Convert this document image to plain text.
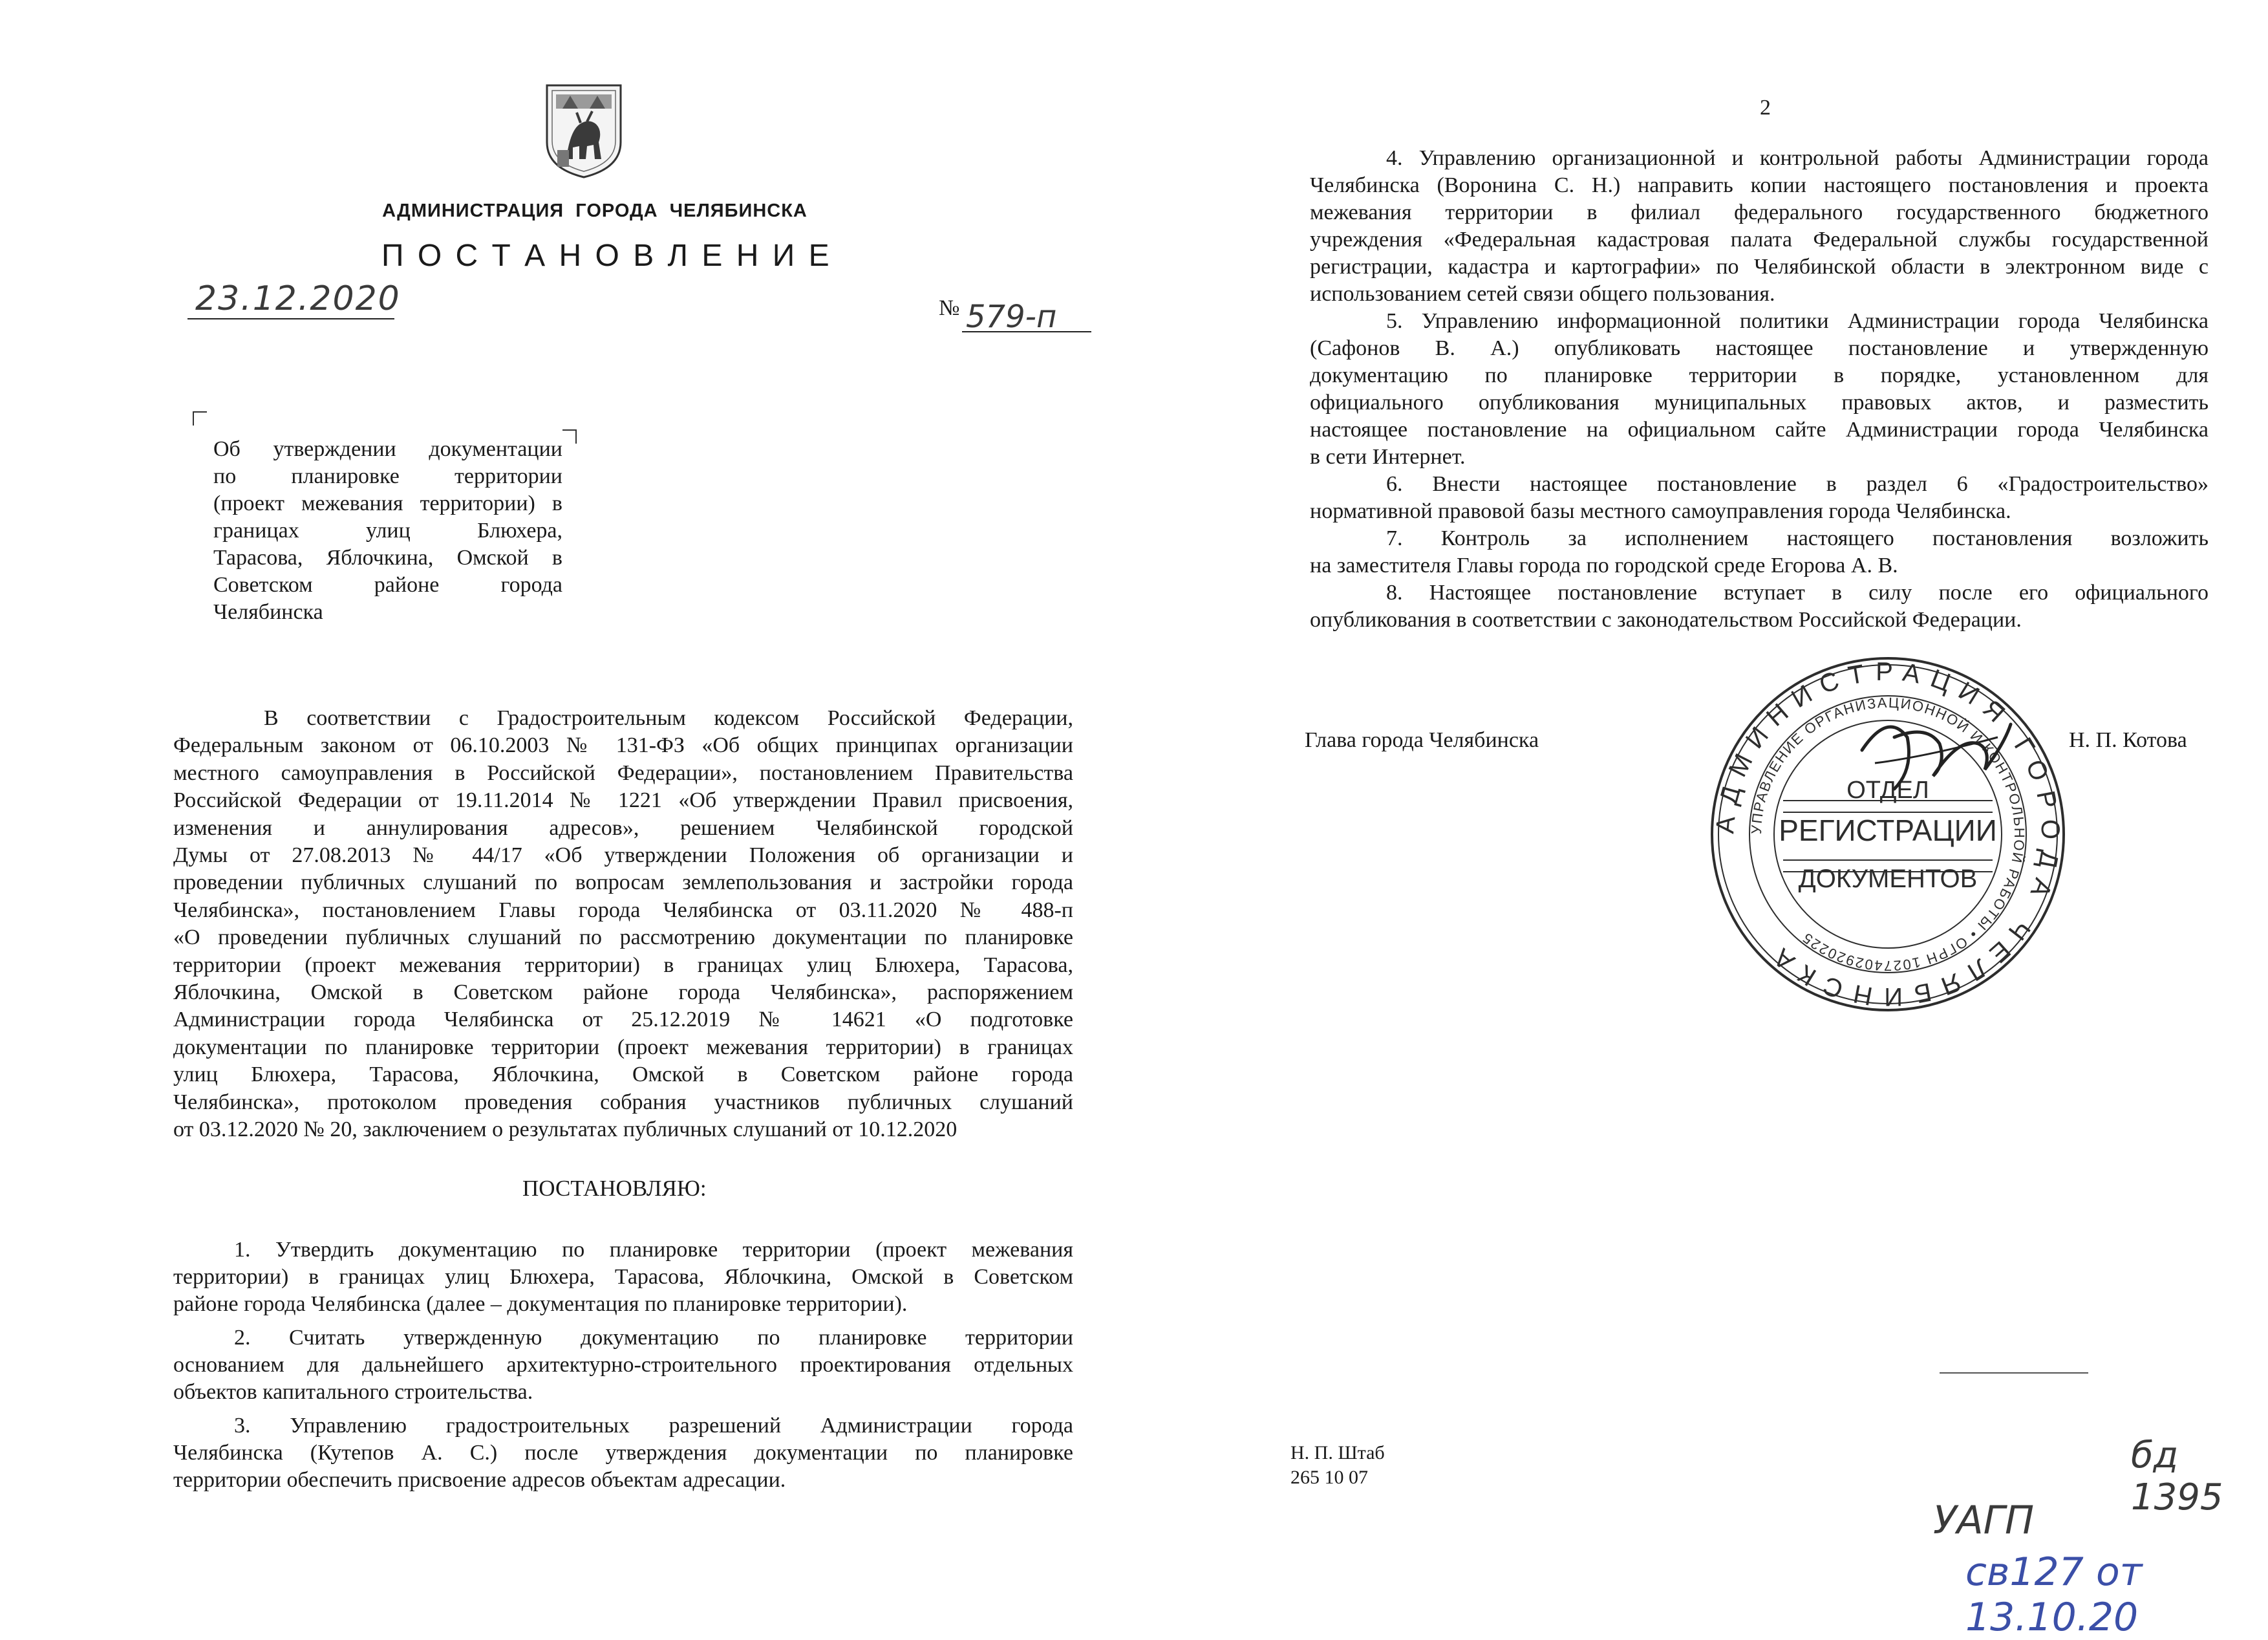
АДМИНИСТРАЦИЯ  ГОРОДА  ЧЕЛЯБИНСКА
П О С Т А Н О В Л Е Н И Е
23.12.2020	№ 579-п
Об утверждении документации
по планировке территории
(проект межевания территории) в
границах улиц Блюхера,
Тарасова, Яблочкина, Омской в
Советском районе города
Челябинска
В соответствии с Градостроительным кодексом Российской Федерации,
Федеральным законом от 06.10.2003 № 131-ФЗ «Об общих принципах организации
местного самоуправления в Российской Федерации», постановлением Правительства
Российской Федерации от 19.11.2014 № 1221 «Об утверждении Правил присвоения,
изменения и аннулирования адресов», решением Челябинской городской
Думы от 27.08.2013 № 44/17 «Об утверждении Положения об организации и
проведении публичных слушаний по вопросам землепользования и застройки города
Челябинска», постановлением Главы города Челябинска от 03.11.2020 № 488-п
«О проведении публичных слушаний по рассмотрению документации по планировке
территории (проект межевания территории) в границах улиц Блюхера, Тарасова,
Яблочкина, Омской в Советском районе города Челябинска», распоряжением
Администрации города Челябинска от 25.12.2019 № 14621 «О подготовке
документации по планировке территории (проект межевания территории) в границах
улиц Блюхера, Тарасова, Яблочкина, Омской в Советском районе города
Челябинска», протоколом проведения собрания участников публичных слушаний
от 03.12.2020 № 20, заключением о результатах публичных слушаний от 10.12.2020
ПОСТАНОВЛЯЮ:
1. Утвердить документацию по планировке территории (проект межевания
территории) в границах улиц Блюхера, Тарасова, Яблочкина, Омской в Советском
районе города Челябинска (далее – документация по планировке территории).
2. Считать утвержденную документацию по планировке территории
основанием для дальнейшего архитектурно-строительного проектирования отдельных
объектов капитального строительства.
3. Управлению градостроительных разрешений Администрации города
Челябинска (Кутепов А. С.) после утверждения документации по планировке
территории обеспечить присвоение адресов объектам адресации.
2
4. Управлению организационной и контрольной работы Администрации города
Челябинска (Воронина С. Н.) направить копии настоящего постановления и проекта
межевания территории в филиал федерального государственного бюджетного
учреждения «Федеральная кадастровая палата Федеральной службы государственной
регистрации, кадастра и картографии» по Челябинской области в электронном виде с
использованием сетей связи общего пользования.
5. Управлению информационной политики Администрации города Челябинска
(Сафонов В. А.) опубликовать настоящее постановление и утвержденную
документацию по планировке территории в порядке, установленном для
официального опубликования муниципальных правовых актов, и разместить
настоящее постановление на официальном сайте Администрации города Челябинска
в сети Интернет.
6. Внести настоящее постановление в раздел 6 «Градостроительство»
нормативной правовой базы местного самоуправления города Челябинска.
7. Контроль за исполнением настоящего постановления возложить
на заместителя Главы города по городской среде Егорова А. В.
8. Настоящее постановление вступает в силу после его официального
опубликования в соответствии с законодательством Российской Федерации.
Глава города Челябинска	Н. П. Котова
АДМИНИСТРАЦИЯ ГОРОДА ЧЕЛЯБИНСКА
УПРАВЛЕНИЕ ОРГАНИЗАЦИОННОЙ И КОНТРОЛЬНОЙ РАБОТЫ • ОГРН 1027402920225
ОТДЕЛ
РЕГИСТРАЦИИ
ДОКУМЕНТОВ
Н. П. Штаб
265 10 07
бд 1395
УАГП
св127 от 13.10.20
